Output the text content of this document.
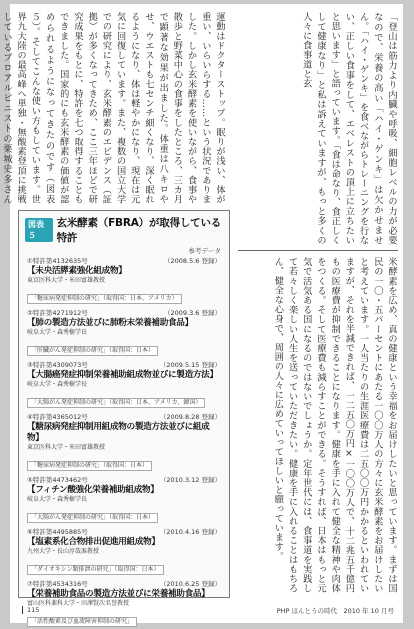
「登山は筋力より内臓や呼吸、細胞レベルの力が必要なので、栄養の高い「ハイ・ゲンキ」は欠かせません。「ハイ・ゲンキ」を食べながらトレーニングを行ない、正しい食事をして、エベレストの頂上に立ちたいと思います」と語っています。「食は命なり、食正しくして健康なり」と私は訴えていますが、もっと多くの人々に食事道と玄
米酵素を広め、真の健康という幸福をお届けしたいと思っています。まずは国民の一〇・五パーセントにあたる一〇〇万人の方々に玄米酵素をお届けしたいと考えています。一人当たりの生涯医療費は二五〇〇万円かかるといわれていますが、それを半減できれば、一二五〇万円×一〇〇万人で、十二兆五千億円もの医療費が抑制できることになります。健康を手に入れて健全な精神や肉体をつくる。そして医療費も減らすことができる。そうすれば、日本はもっと元気で活気ある国になるのではないでしょうか。定年世代には、食事道を実践して若々しく楽しい人生を送っていただきたい。健康を手に入れることはもちろん、健全な心身で、周囲の人々に広めていってほしいと願っています。
運動はドクターストップ。眠りが浅い、体が重い、いらいらする……という状況でありました。しかし玄米酵素を使いながら、食事や散歩と野菜中心の食事をしたところ、三カ月で顕著な効果が出ました。体重は八キロやせ、ウエストも七センチ細くなり、深く眠れるようになり、体は軽やかになり、現在は元気に回復しています。また、複数の国立大学での研究により、玄米酵素のエビデンス（証拠）が多くなってきため、ここ三年ほどで研究成果をもとに、特許を七つ取得することもできました。国家的にも玄米酵素の価値が認められるようになってきたのです（図表５）。そしてこんな使い方もしています。世界九大陸の最高峰へ単独・無酸素登頂に挑戦しているプロアルピニストの栗城史多さん
図表５
玄米酵素（FBRA）が取得している特許
参考データ
①特許第4132635号	（2008.5.6 登録）
【未央活膵素強化組成物】
東京医科大学・米田富雄教授
「糖尿病発症抑制の研究」（取得国：日本、アメリカ）
②特許第4271912号	（2009.3.6 登録）
【肺の製造方法並びに肺粉末栄養補助食品】
岐阜大学・森秀樹学長
「肝臓がん発症抑制の研究」（取得国：日本）
③特許第4309073号	（2009.5.15 登録）
【大腸癌発症抑制栄養補助組成物並びに製造方法】
岐阜大学・森秀樹学長
「大腸がん発症抑制の研究」（取得国：日本、アメリカ、韓国）
④特許第4365012号	（2009.8.28 登録）
【糖尿病発症抑制用組成物の製造方法並びに組成物】
東京医科大学・米田富雄教授
「糖尿病発症抑制の研究」（取得国：日本）
⑤特許第4473462号	（2010.3.12 登録）
【フィチン酸強化栄養補助組成物】
岐阜大学・森秀樹学長
「大腸がん発症抑制の研究」（取得国：日本）
⑥特許第4495885号	（2010.4.16 登録）
【塩素系化合物排出促進用組成物】
九州大学・長山淳哉准教授
「ダイオキシン類排泄の研究」（取得国：日本）
⑦特許第4534316号	（2010.6.25 登録）
【栄養補助食品の製造方法並びに栄養補助食品】
富山医科薬科大学・田澤賢次名誉教授
「活性酸素及び血流障害抑制の研究」
115	PHP ほんとうの時代　2010 年 10 月号
